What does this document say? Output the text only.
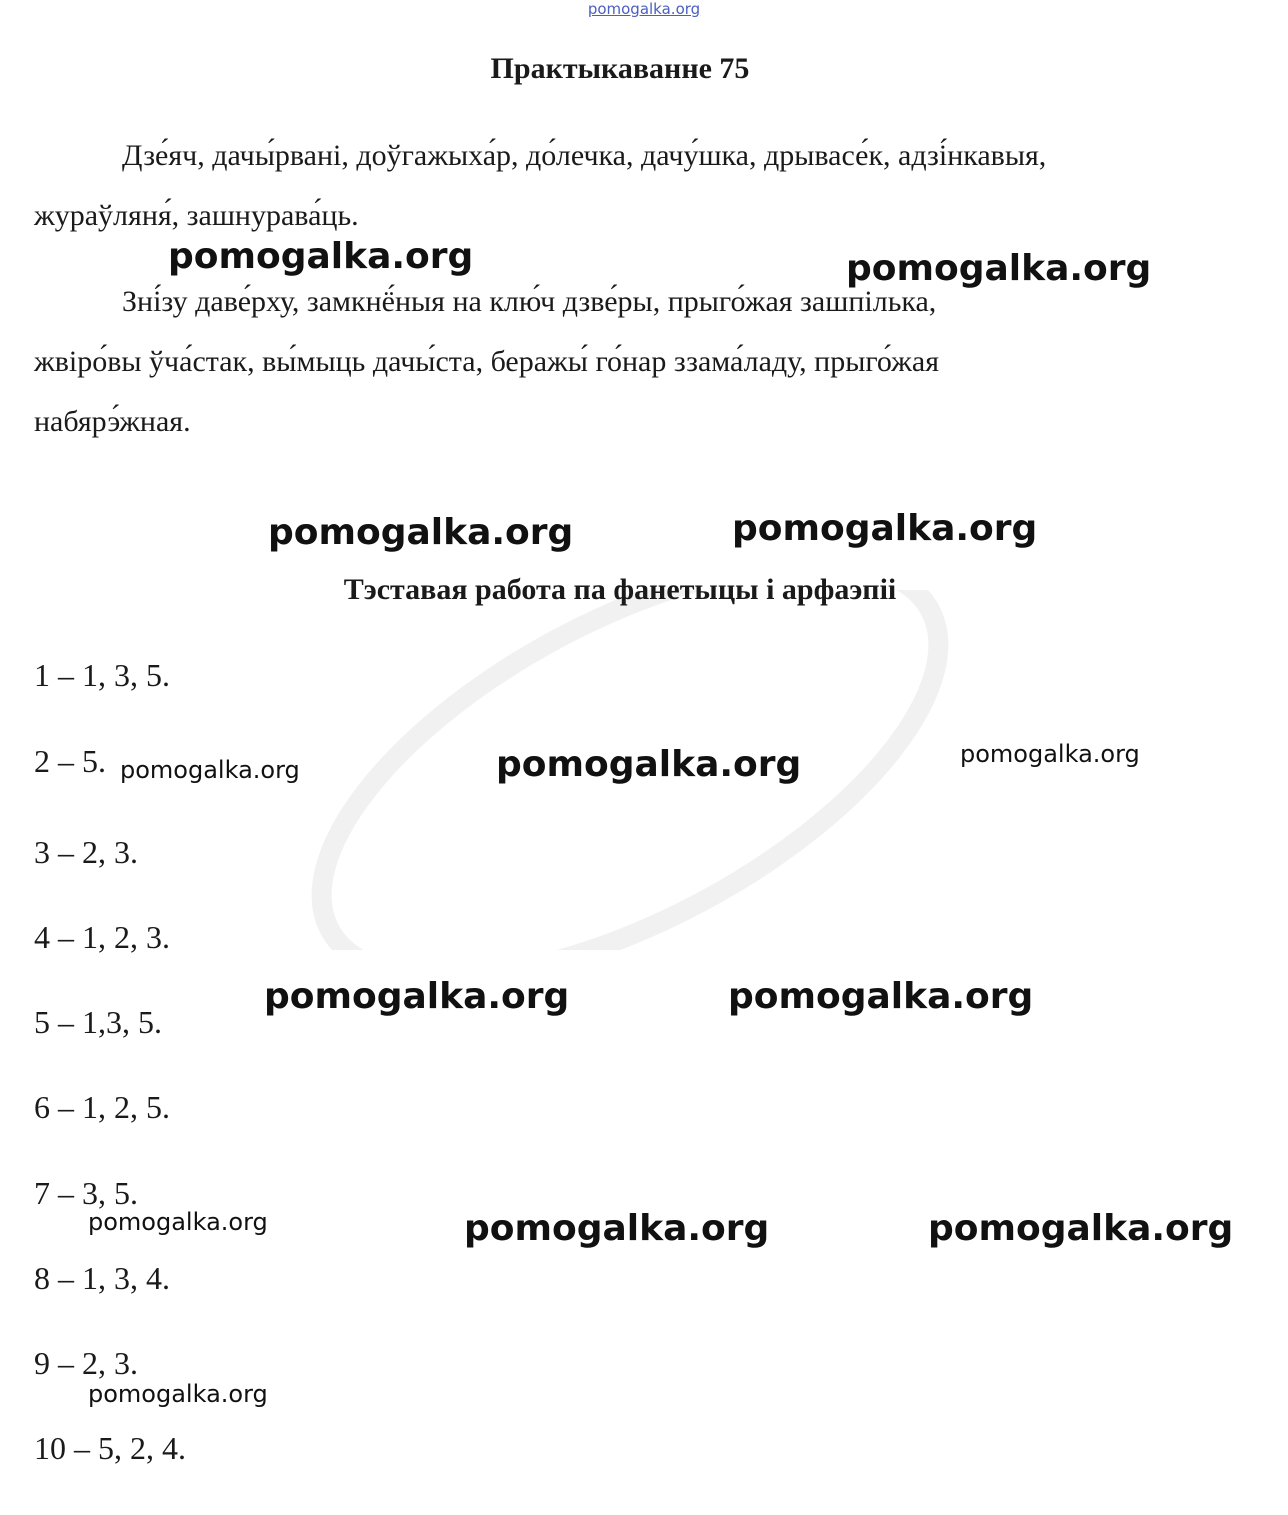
pomogalka.org
Практыкаванне 75
Дзе́яч, дачы́рвані, доўгажыха́р, до́лечка, дачу́шка, дрывасе́к, адзі́нкавыя,
жураўляня́, зашнурава́ць.
Зні́зу даве́рху, замкнё́ныя на клю́ч дзве́ры, прыго́жая зашпілька,
жвіро́вы ўча́стак, вы́мыць дачы́ста, беражы́ го́нар ззама́ладу, прыго́жая
набярэ́жная.
Тэставая работа па фанетыцы і арфаэпіі
1 – 1, 3, 5.
2 – 5.
3 – 2, 3.
4 – 1, 2, 3.
5 – 1,3, 5.
6 – 1, 2, 5.
7 – 3, 5.
8 – 1, 3, 4.
9 – 2, 3.
10 – 5, 2, 4.
pomogalka.org	pomogalka.org
pomogalka.org	pomogalka.org
pomogalka.org	pomogalka.org	pomogalka.org
pomogalka.org	pomogalka.org
pomogalka.org	pomogalka.org	pomogalka.org
pomogalka.org
